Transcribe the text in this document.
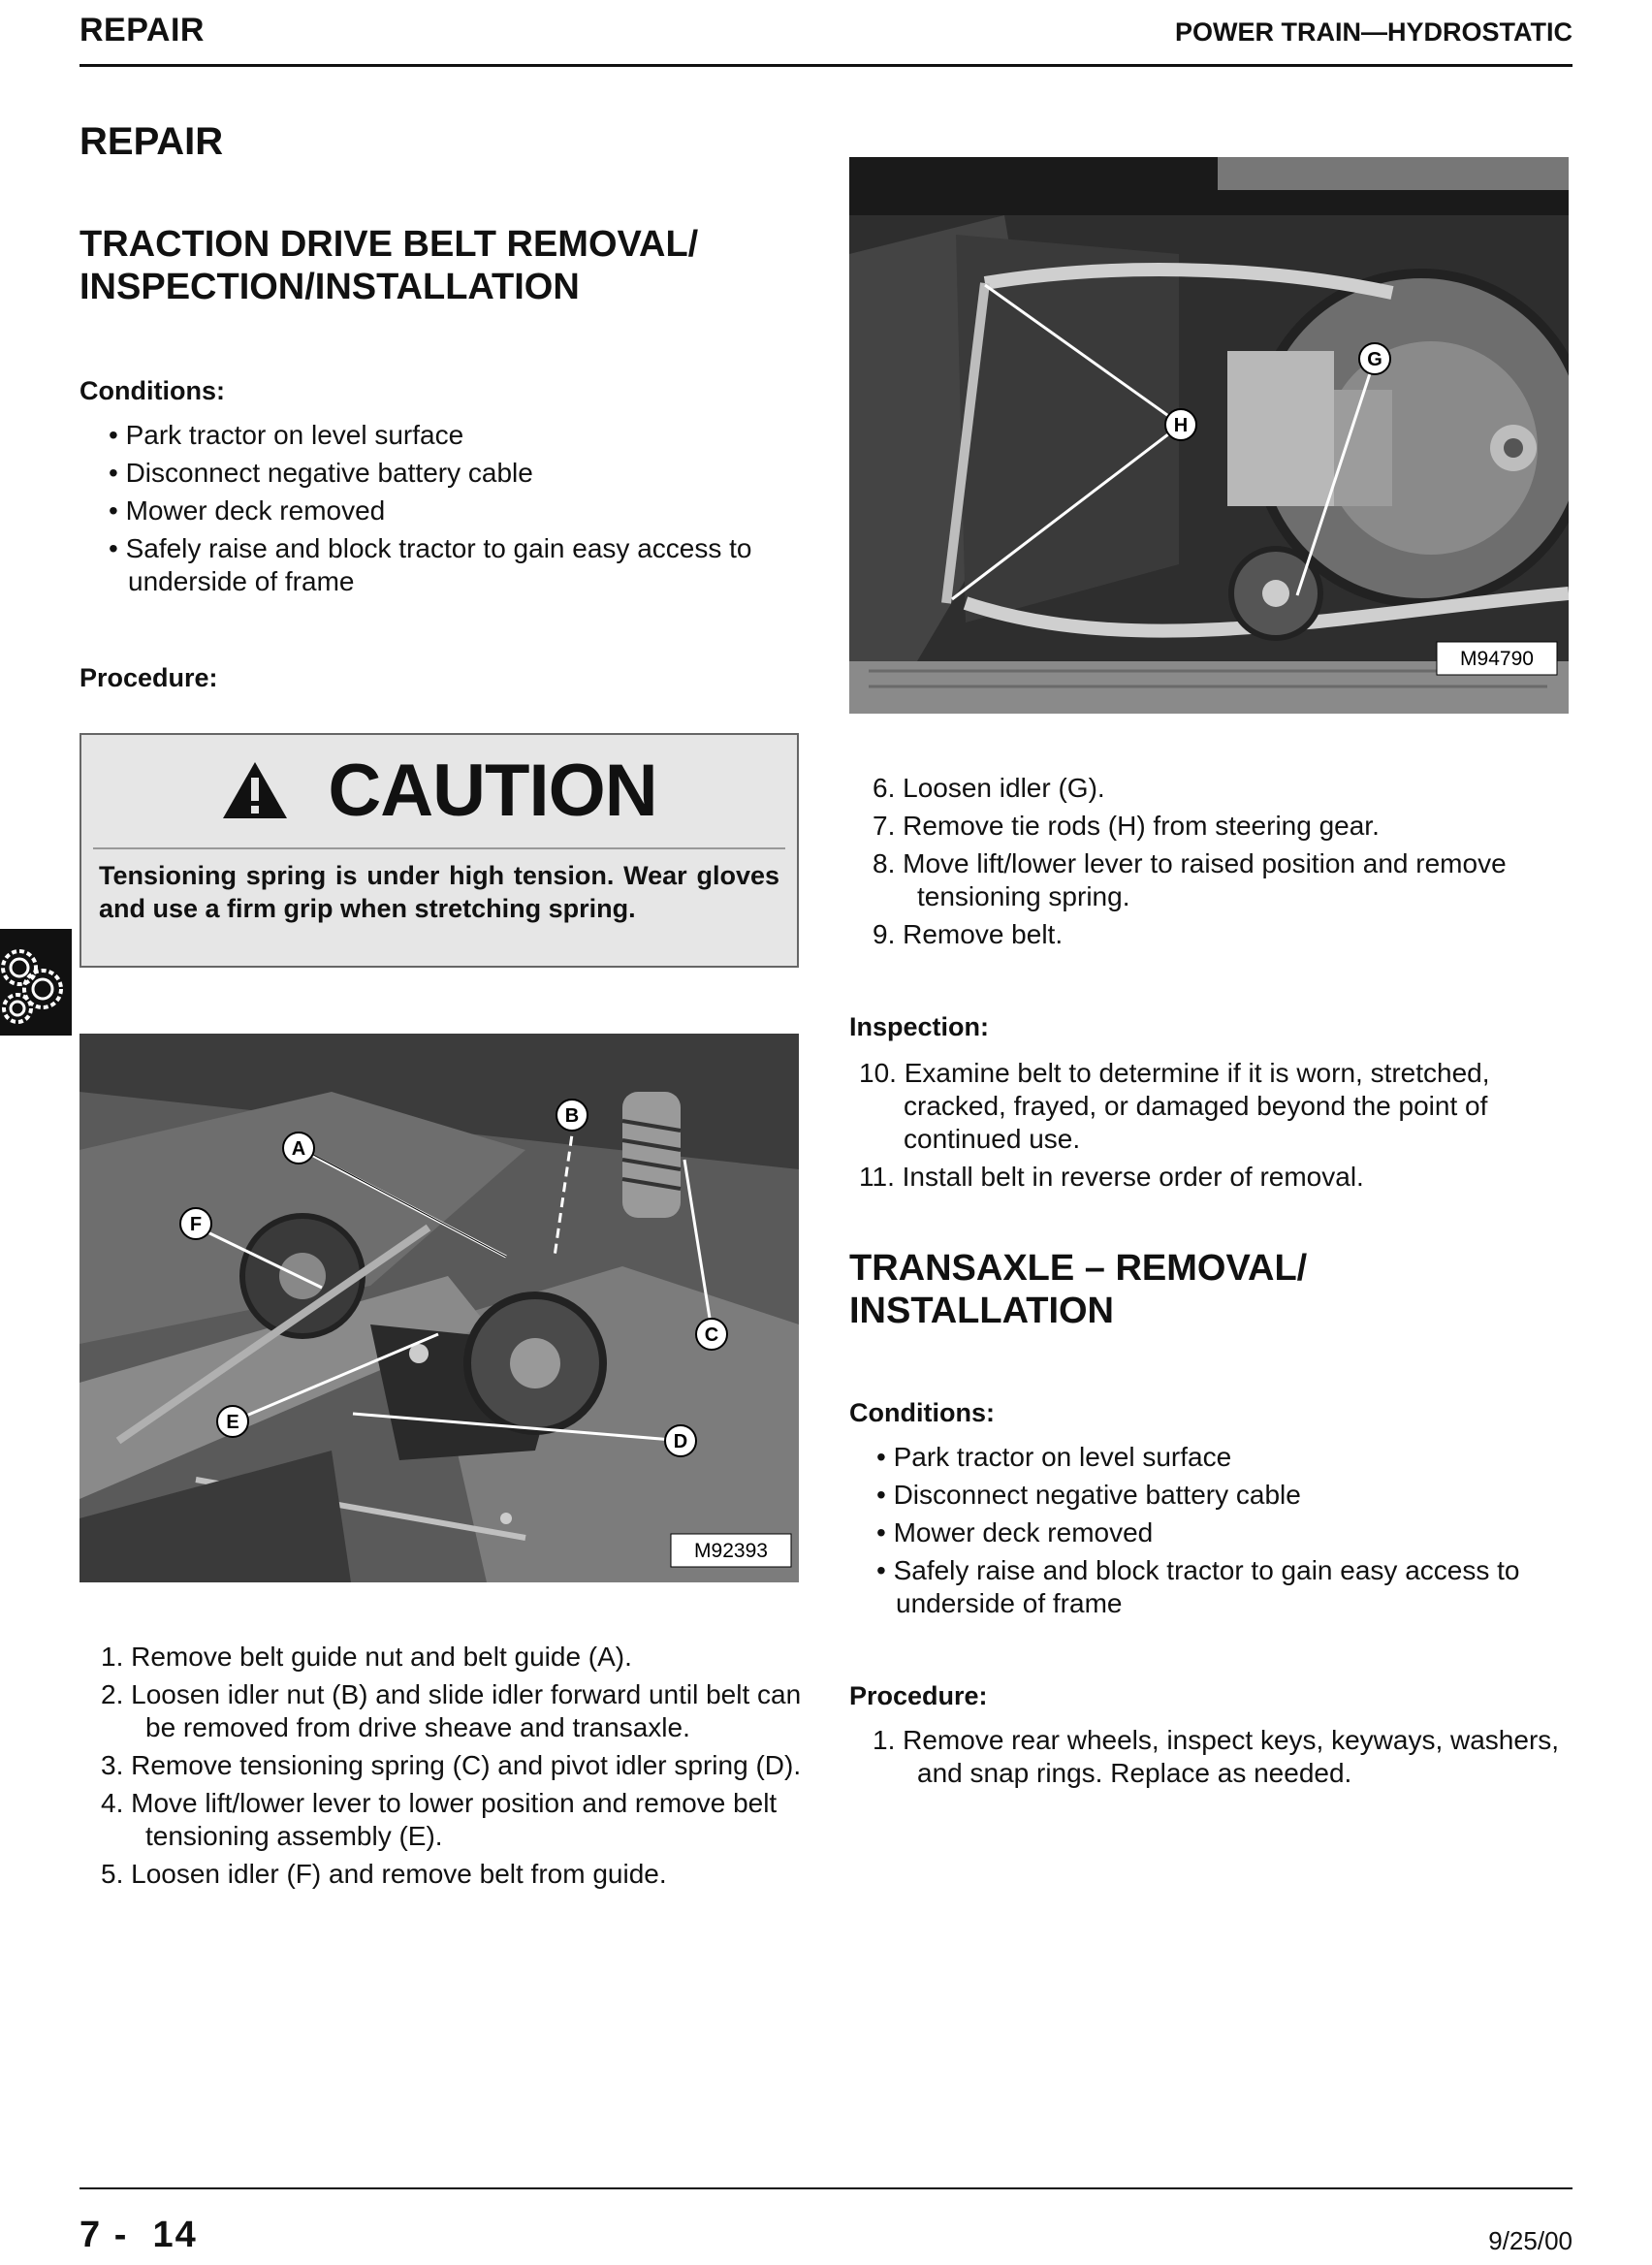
REPAIR	POWER TRAIN—HYDROSTATIC
REPAIR
TRACTION DRIVE BELT REMOVAL/ INSPECTION/INSTALLATION
Conditions:
• Park tractor on level surface
• Disconnect negative battery cable
• Mower deck removed
• Safely raise and block tractor to gain easy access to underside of frame
Procedure:
CAUTION
Tensioning spring is under high tension. Wear gloves and use a firm grip when stretching spring.
A
B
C
D
E
F
M92393
1. Remove belt guide nut and belt guide (A).
2. Loosen idler nut (B) and slide idler forward until belt can be removed from drive sheave and transaxle.
3. Remove tensioning spring (C) and pivot idler spring (D).
4. Move lift/lower lever to lower position and remove belt tensioning assembly (E).
5. Loosen idler (F) and remove belt from guide.
H
G
M94790
6. Loosen idler (G).
7. Remove tie rods (H) from steering gear.
8. Move lift/lower lever to raised position and remove tensioning spring.
9. Remove belt.
Inspection:
10. Examine belt to determine if it is worn, stretched, cracked, frayed, or damaged beyond the point of continued use.
11. Install belt in reverse order of removal.
TRANSAXLE – REMOVAL/ INSTALLATION
Conditions:
• Park tractor on level surface
• Disconnect negative battery cable
• Mower deck removed
• Safely raise and block tractor to gain easy access to underside of frame
Procedure:
1. Remove rear wheels, inspect keys, keyways, washers, and snap rings. Replace as needed.
7 -  14	9/25/00
